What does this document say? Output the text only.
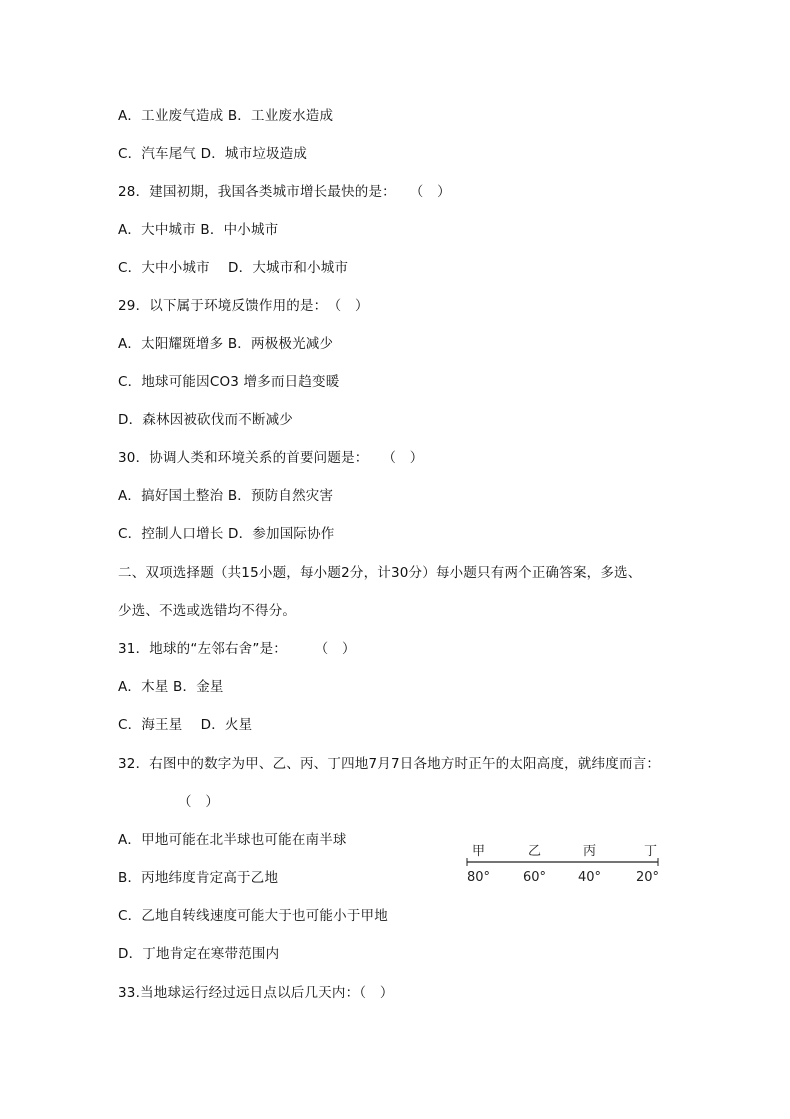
A．工业废气造成 B．工业废水造成
C．汽车尾气 D．城市垃圾造成
28．建国初期，我国各类城市增长最快的是：　　（　）
A．大中城市 B．中小城市
C．大中小城市　 D．大城市和小城市
29．以下属于环境反馈作用的是：　（　）
A．太阳耀斑增多 B．两极极光减少
C．地球可能因CO3 增多而日趋变暖
D．森林因被砍伐而不断减少
30．协调人类和环境关系的首要问题是：　　（　）
A．搞好国土整治 B．预防自然灾害
C．控制人口增长 D．参加国际协作
二、双项选择题（共15小题，每小题2分，计30分）每小题只有两个正确答案，多选、
少选、不选或选错均不得分。
31．地球的“左邻右舍”是：　　　（　）
A．木星 B．金星
C．海王星　 D．火星
32．右图中的数字为甲、乙、丙、丁四地7月7日各地方时正午的太阳高度，就纬度而言：
（　）
A．甲地可能在北半球也可能在南半球
B．丙地纬度肯定高于乙地
C．乙地自转线速度可能大于也可能小于甲地
D．丁地肯定在寒带范围内
33.当地球运行经过远日点以后几天内：（　）
甲	乙	丙	丁
80°	60° 40°	20°
